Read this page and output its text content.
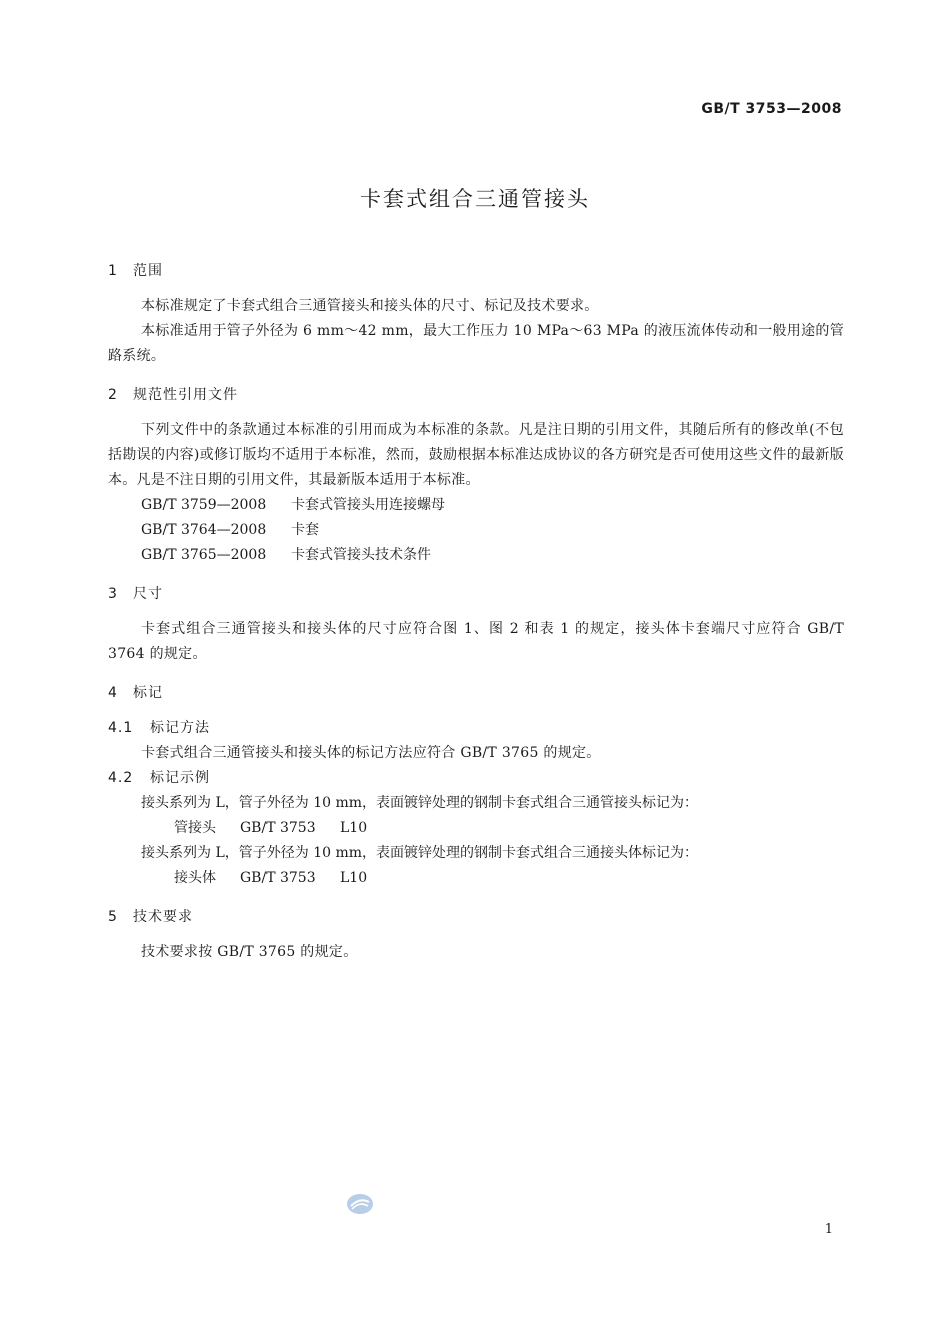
GB/T 3753—2008
卡套式组合三通管接头
1 范围
本标准规定了卡套式组合三通管接头和接头体的尺寸、标记及技术要求。
本标准适用于管子外径为 6 mm～42 mm，最大工作压力 10 MPa～63 MPa 的液压流体传动和一般用途的管路系统。
2 规范性引用文件
下列文件中的条款通过本标准的引用而成为本标准的条款。凡是注日期的引用文件，其随后所有的修改单(不包括勘误的内容)或修订版均不适用于本标准，然而，鼓励根据本标准达成协议的各方研究是否可使用这些文件的最新版本。凡是不注日期的引用文件，其最新版本适用于本标准。
GB/T 3759—2008 卡套式管接头用连接螺母
GB/T 3764—2008 卡套
GB/T 3765—2008 卡套式管接头技术条件
3 尺寸
卡套式组合三通管接头和接头体的尺寸应符合图 1、图 2 和表 1 的规定，接头体卡套端尺寸应符合 GB/T 3764 的规定。
4 标记
4.1 标记方法
卡套式组合三通管接头和接头体的标记方法应符合 GB/T 3765 的规定。
4.2 标记示例
接头系列为 L，管子外径为 10 mm，表面镀锌处理的钢制卡套式组合三通管接头标记为：
管接头 GB/T 3753 L10
接头系列为 L，管子外径为 10 mm，表面镀锌处理的钢制卡套式组合三通接头体标记为：
接头体 GB/T 3753 L10
5 技术要求
技术要求按 GB/T 3765 的规定。
1
